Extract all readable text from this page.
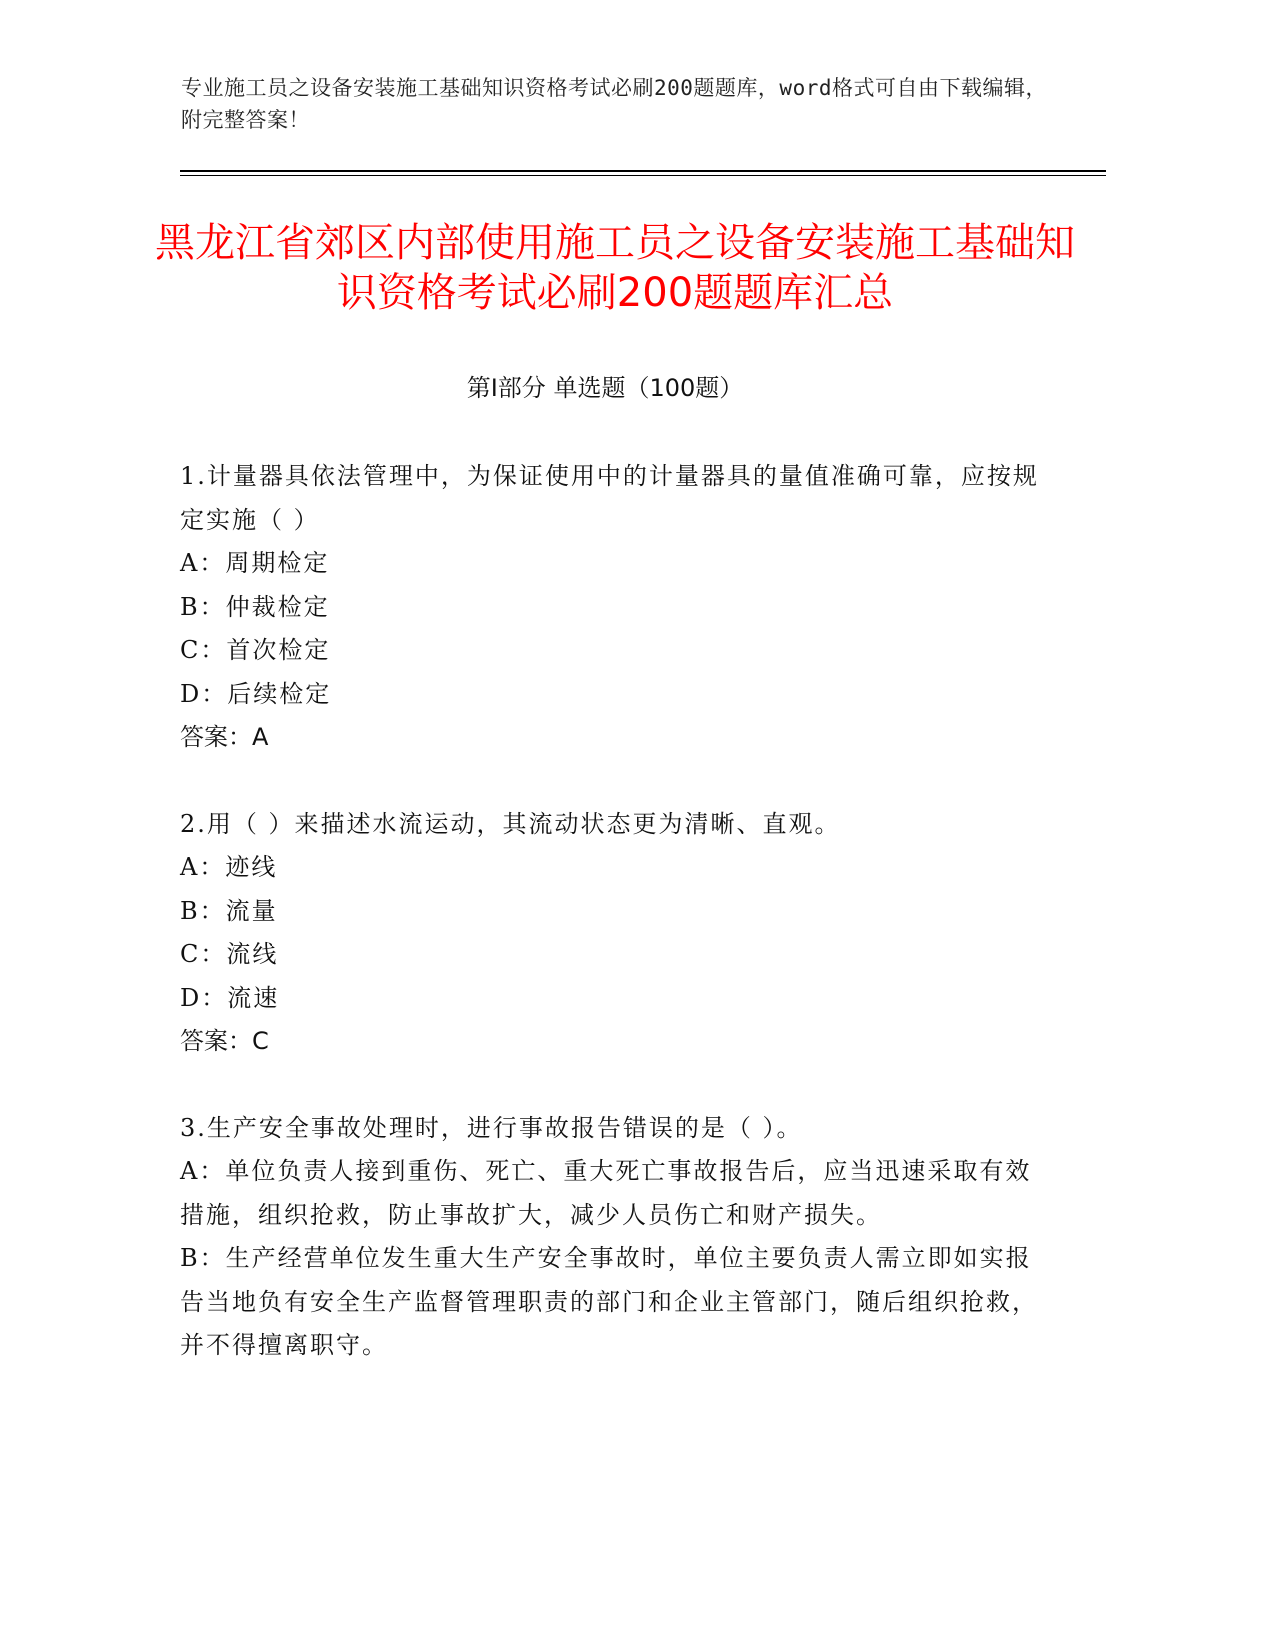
专业施工员之设备安装施工基础知识资格考试必刷200题题库，word格式可自由下载编辑，附完整答案！
黑龙江省郊区内部使用施工员之设备安装施工基础知识资格考试必刷200题题库汇总
第Ⅰ部分 单选题（100题）

1.计量器具依法管理中，为保证使用中的计量器具的量值准确可靠，应按规定实施（ ）

A：周期检定

B：仲裁检定

C：首次检定

D：后续检定

答案：A

2.用（ ）来描述水流运动，其流动状态更为清晰、直观。

A：迹线

B：流量

C：流线

D：流速

答案：C

3.生产安全事故处理时，进行事故报告错误的是（ ）。

A：单位负责人接到重伤、死亡、重大死亡事故报告后，应当迅速采取有效措施，组织抢救，防止事故扩大，减少人员伤亡和财产损失。

B：生产经营单位发生重大生产安全事故时，单位主要负责人需立即如实报告当地负有安全生产监督管理职责的部门和企业主管部门，随后组织抢救，并不得擅离职守。
